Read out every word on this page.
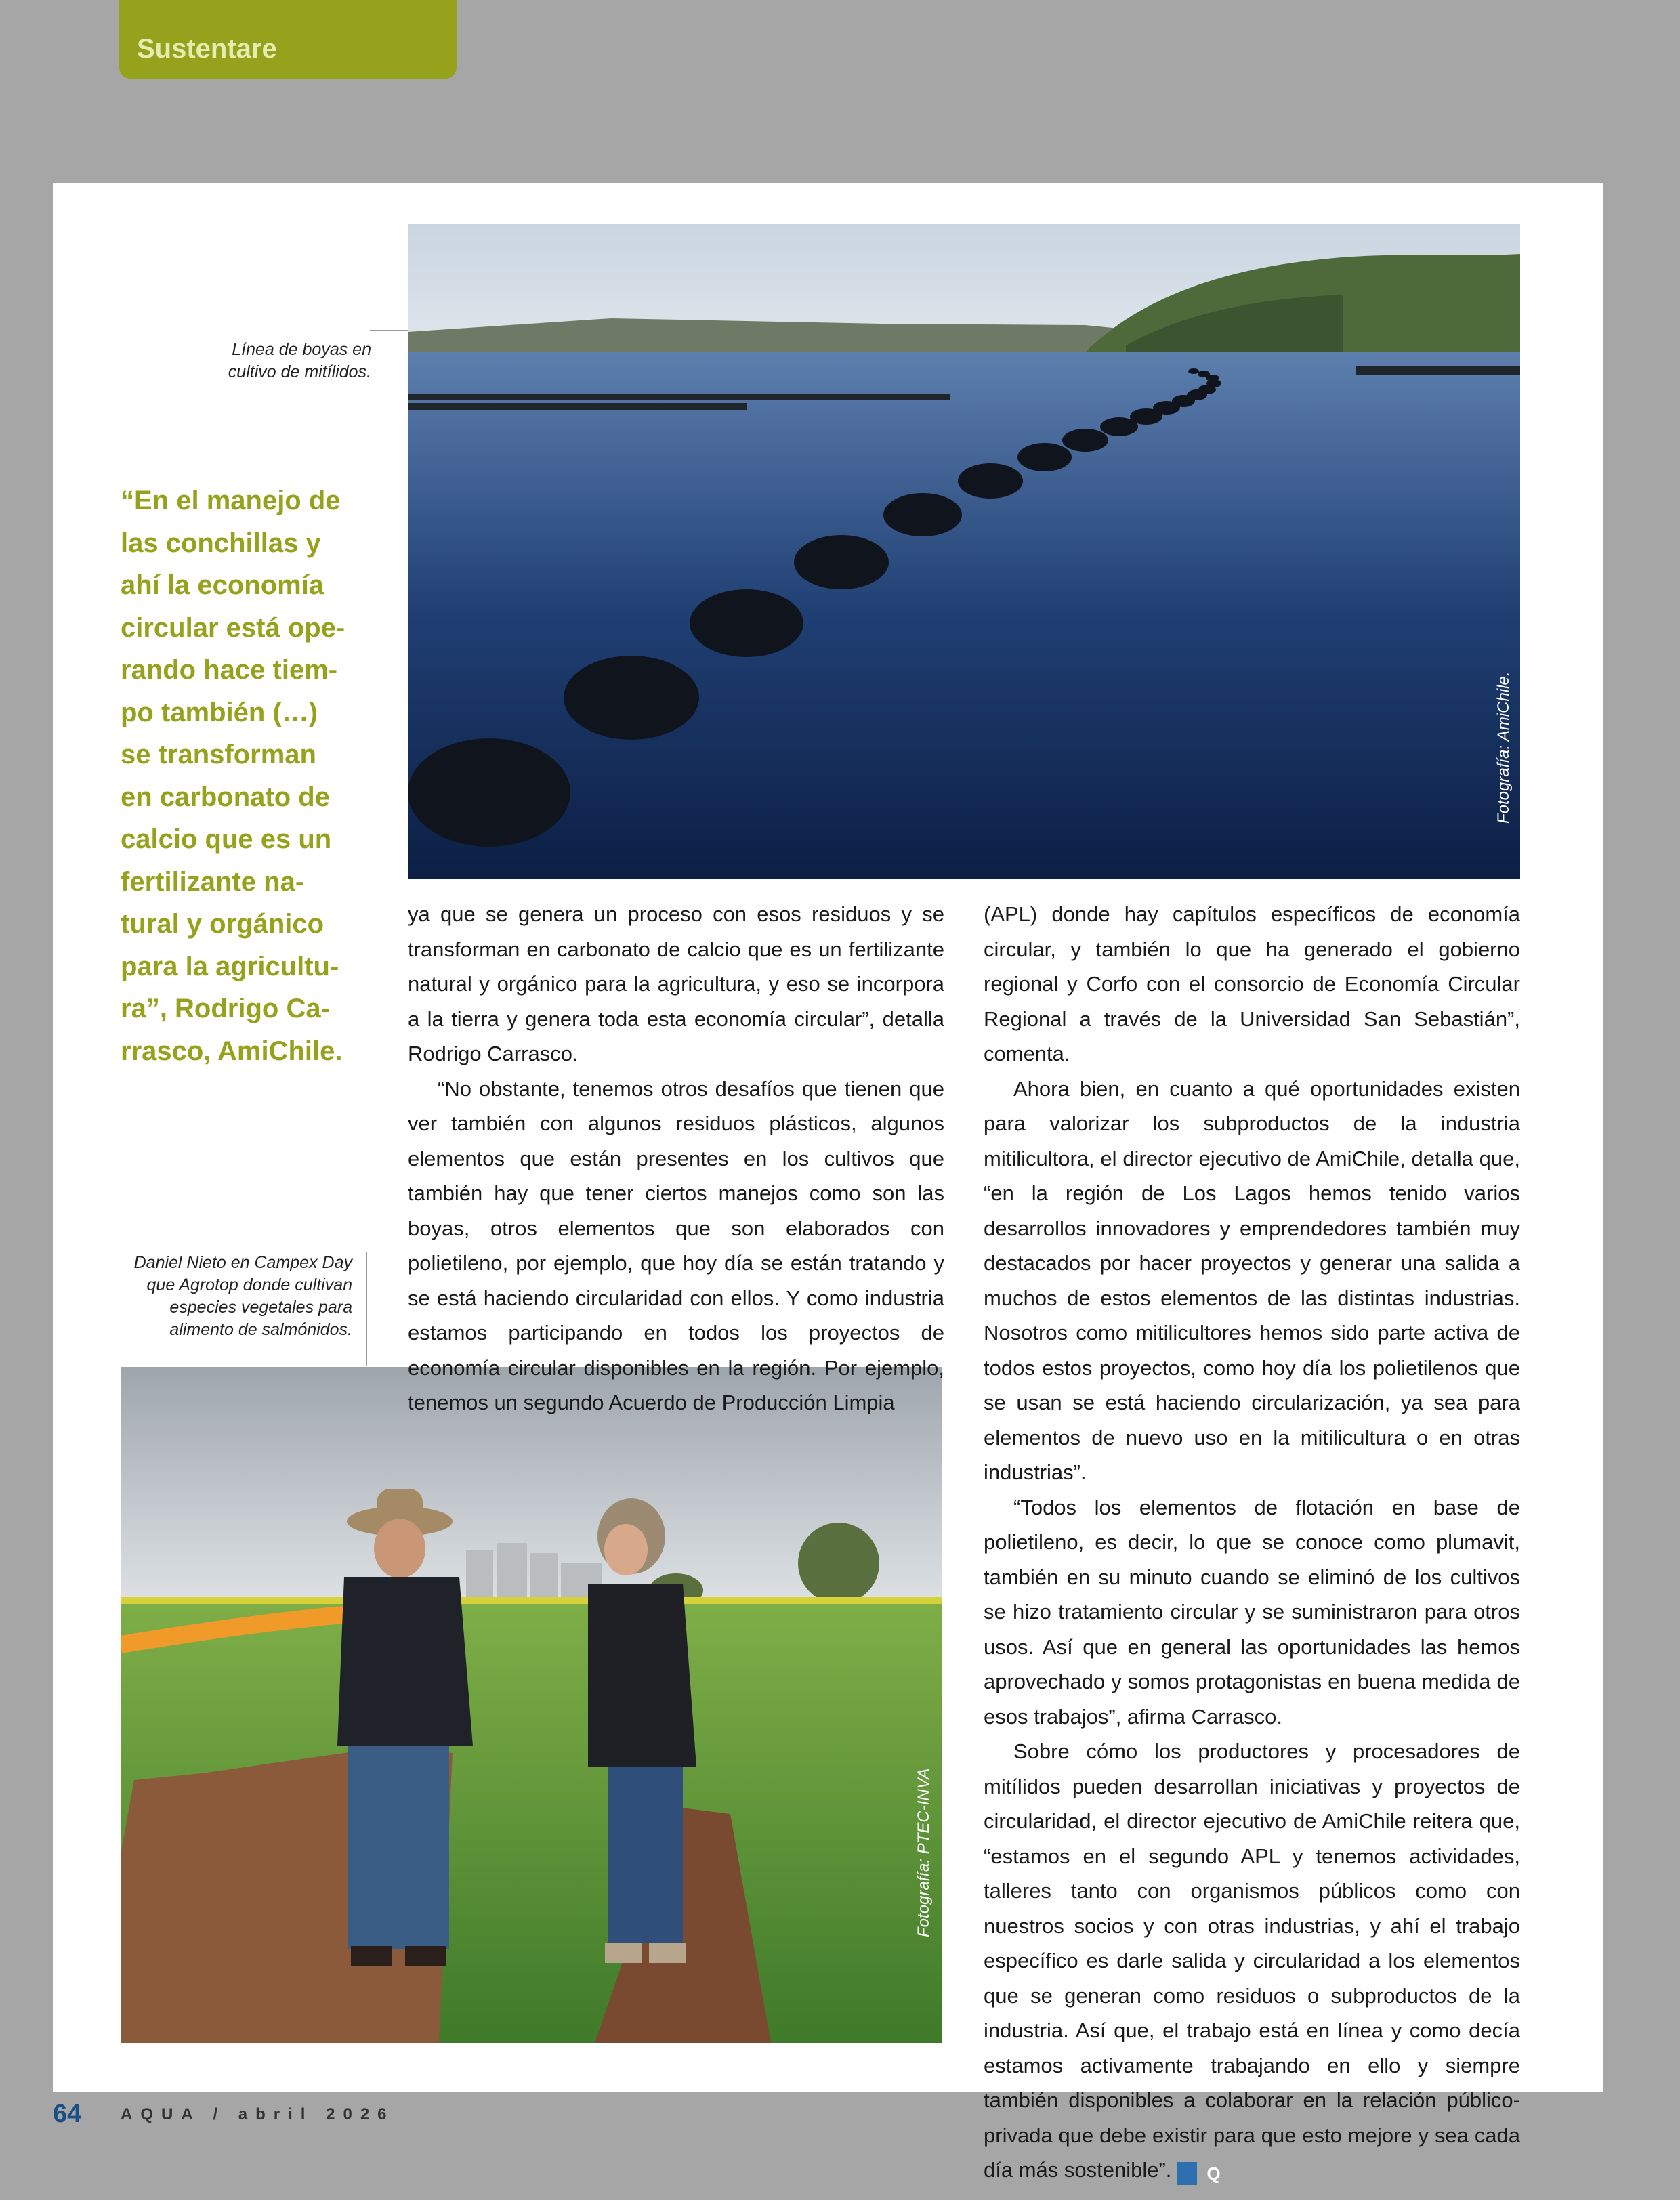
Sustentare
Fotografía: AmiChile.
Línea de boyas en
cultivo de mitílidos.
“En el manejo de
las conchillas y
ahí la economía
circular está ope-
rando hace tiem-
po también (…)
se transforman
en carbonato de
calcio que es un
fertilizante na-
tural y orgánico
para la agricultu-
ra”, Rodrigo Ca-
rrasco, AmiChile.
Daniel Nieto en Campex Day
que Agrotop donde cultivan
especies vegetales para
alimento de salmónidos.
Fotografía: PTEC-INVA

ya que se genera un proceso con esos residuos y se transforman en carbonato de calcio que es un fertilizante natural y orgánico para la agricultura, y eso se incorpora a la tierra y genera toda esta economía circular”, detalla Rodrigo Carrasco.

“No obstante, tenemos otros desafíos que tienen que ver también con algunos residuos plásticos, algunos elementos que están presentes en los cultivos que también hay que tener ciertos manejos como son las boyas, otros elementos que son elaborados con polietileno, por ejemplo, que hoy día se están tratando y se está haciendo circularidad con ellos. Y como industria estamos participando en todos los proyectos de economía circular disponibles en la región. Por ejemplo, tenemos un segundo Acuerdo de Producción Limpia

(APL) donde hay capítulos específicos de economía circular, y también lo que ha generado el gobierno regional y Corfo con el consorcio de Economía Circular Regional a través de la Universidad San Sebastián”, comenta.

Ahora bien, en cuanto a qué oportunidades existen para valorizar los subproductos de la industria mitilicultora, el director ejecutivo de AmiChile, detalla que, “en la región de Los Lagos hemos tenido varios desarrollos innovadores y emprendedores también muy destacados por hacer proyectos y generar una salida a muchos de estos elementos de las distintas industrias. Nosotros como mitilicultores hemos sido parte activa de todos estos proyectos, como hoy día los polietilenos que se usan se está haciendo circularización, ya sea para elementos de nuevo uso en la mitilicultura o en otras industrias”.

“Todos los elementos de flotación en base de polietileno, es decir, lo que se conoce como plumavit, también en su minuto cuando se eliminó de los cultivos se hizo tratamiento circular y se suministraron para otros usos. Así que en general las oportunidades las hemos aprovechado y somos protagonistas en buena medida de esos trabajos”, afirma Carrasco.

Sobre cómo los productores y procesadores de mitílidos pueden desarrollan iniciativas y proyectos de circularidad, el director ejecutivo de AmiChile reitera que, “estamos en el segundo APL y tenemos actividades, talleres tanto con organismos públicos como con nuestros socios y con otras industrias, y ahí el trabajo específico es darle salida y circularidad a los elementos que se generan como residuos o subproductos de la industria. Así que, el trabajo está en línea y como decía estamos activamente trabajando en ello y siempre también disponibles a colaborar en la relación público-privada que debe existir para que esto mejore y sea cada día más sostenible”. Q

64 AQUA / abril 2026
